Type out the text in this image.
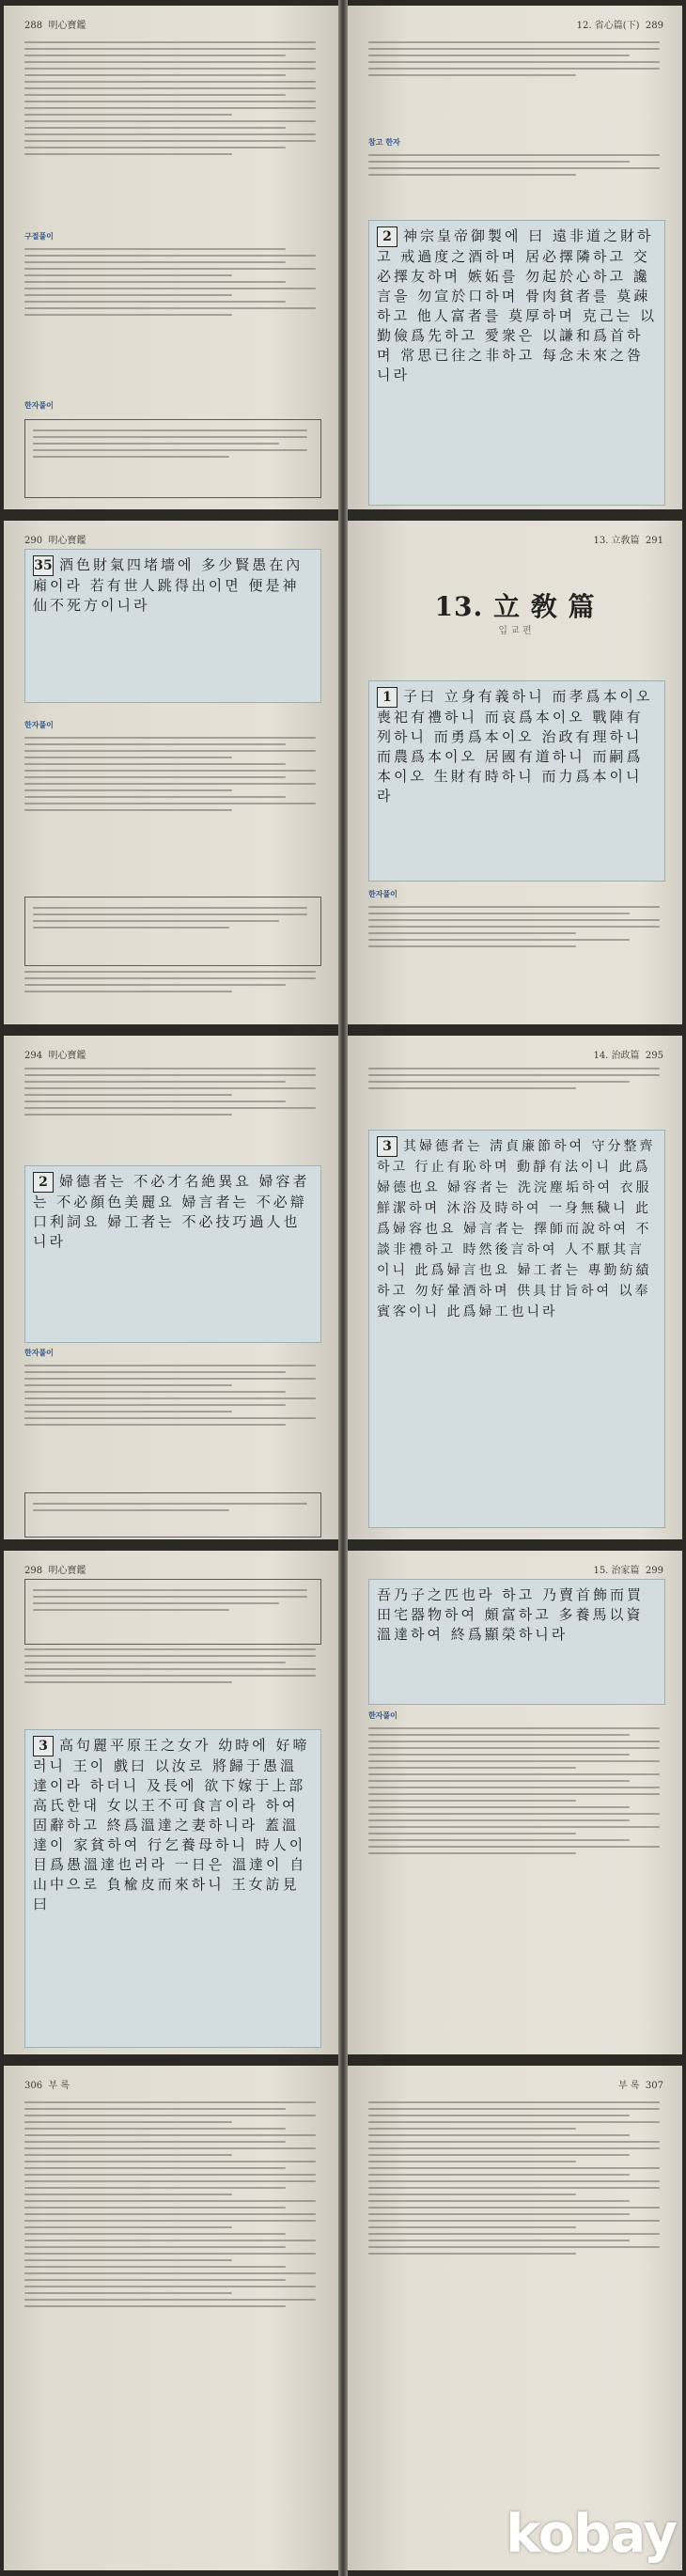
288 明心寶鑑
구절풀이
한자풀이
12. 省心篇(下) 289
참고 한자
2 神宗皇帝御製에 曰 遠非道之財하고 戒過度之酒하며 居必擇隣하고 交必擇友하며 嫉妬를 勿起於心하고 讒言을 勿宣於口하며 骨肉貧者를 莫疎하고 他人富者를 莫厚하며 克己는 以勤儉爲先하고 愛衆은 以謙和爲首하며 常思已往之非하고 每念未來之咎니라
290 明心寶鑑
35 酒色財氣四堵墻에 多少賢愚在內廂이라 若有世人跳得出이면 便是神仙不死方이니라
한자풀이
13. 立敎篇 291
13. 立 敎 篇
입 교 편
1 子曰 立身有義하니 而孝爲本이오 喪祀有禮하니 而哀爲本이오 戰陣有列하니 而勇爲本이오 治政有理하니 而農爲本이오 居國有道하니 而嗣爲本이오 生財有時하니 而力爲本이니라
한자풀이
294 明心寶鑑
2 婦德者는 不必才名絶異요 婦容者는 不必顔色美麗요 婦言者는 不必辯口利詞요 婦工者는 不必技巧過人也니라
한자풀이
14. 治政篇 295
3 其婦德者는 淸貞廉節하여 守分整齊하고 行止有恥하며 動靜有法이니 此爲婦德也요 婦容者는 洗浣塵垢하여 衣服鮮潔하며 沐浴及時하여 一身無穢니 此爲婦容也요 婦言者는 擇師而說하여 不談非禮하고 時然後言하여 人不厭其言이니 此爲婦言也요 婦工者는 專勤紡績하고 勿好暈酒하며 供具甘旨하여 以奉賓客이니 此爲婦工也니라
298 明心寶鑑
3 高句麗平原王之女가 幼時에 好啼러니 王이 戲曰 以汝로 將歸于愚溫達이라 하더니 及長에 欲下嫁于上部高氏한대 女以王不可食言이라 하여 固辭하고 終爲溫達之妻하니라 蓋溫達이 家貧하여 行乞養母하니 時人이 目爲愚溫達也러라 一日은 溫達이 自山中으로 負楡皮而來하니 王女訪見曰
15. 治家篇 299
吾乃子之匹也라 하고 乃賣首飾而買田宅器物하여 頗富하고 多養馬以資溫達하여 終爲顯榮하니라
한자풀이
306 부 록	부 록 307
kobay
